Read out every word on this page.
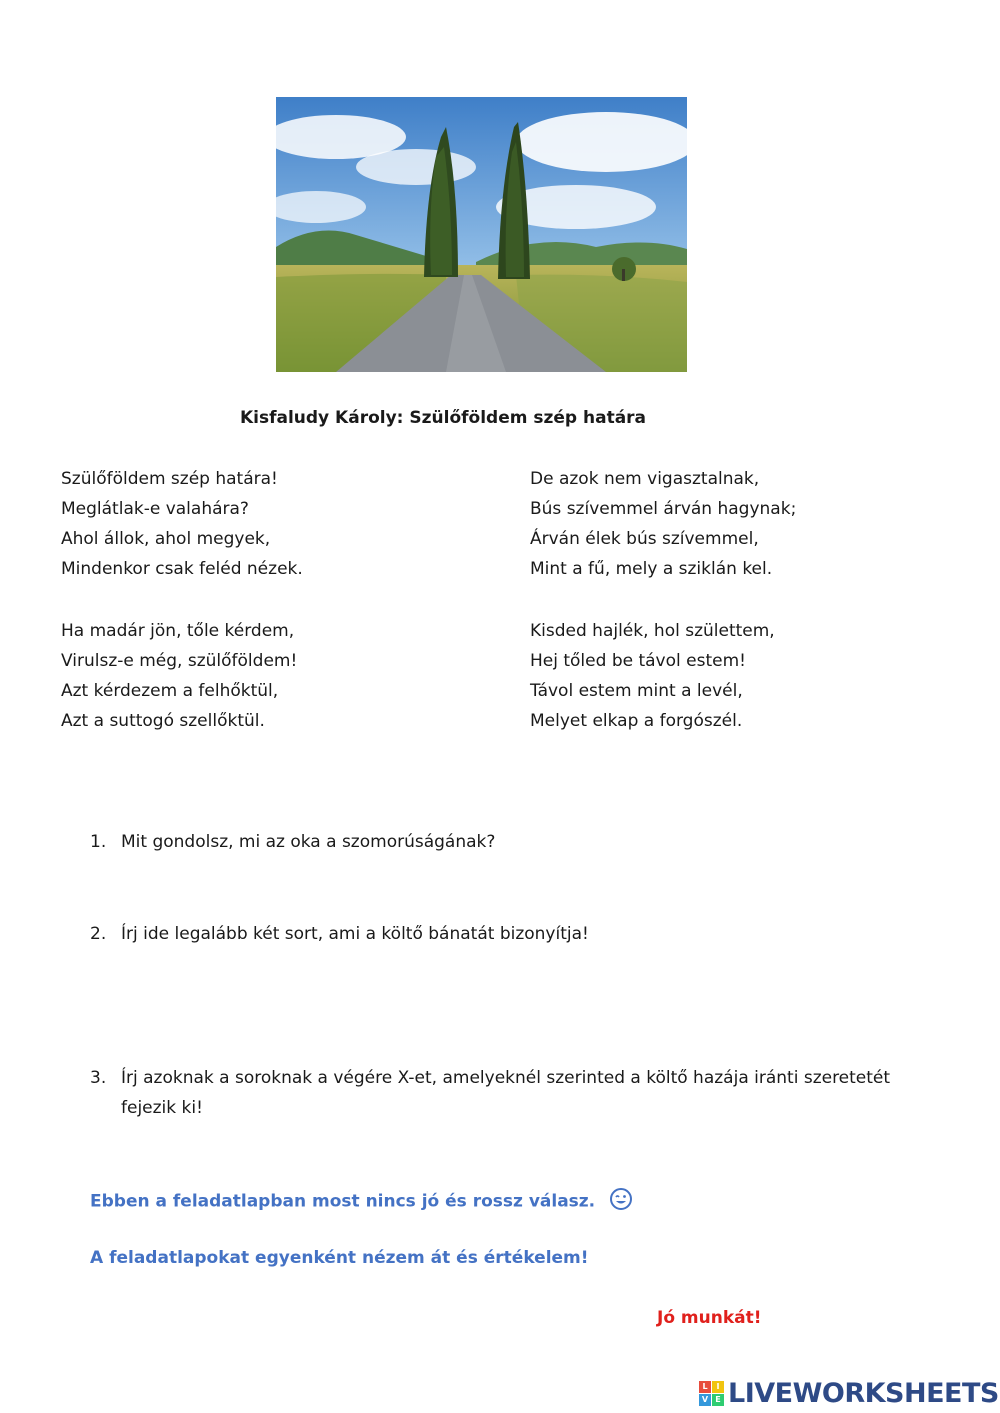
Kisfaludy Károly: Szülőföldem szép határa
Szülőföldem szép határa!
Meglátlak-e valahára?
Ahol állok, ahol megyek,
Mindenkor csak feléd nézek.
Ha madár jön, tőle kérdem,
Virulsz-e még, szülőföldem!
Azt kérdezem a felhőktül,
Azt a suttogó szellőktül.
De azok nem vigasztalnak,
Bús szívemmel árván hagynak;
Árván élek bús szívemmel,
Mint a fű, mely a sziklán kel.
Kisded hajlék, hol születtem,
Hej tőled be távol estem!
Távol estem mint a levél,
Melyet elkap a forgószél.
1. Mit gondolsz, mi az oka a szomorúságának?
2. Írj ide legalább két sort, ami a költő bánatát bizonyítja!
3. Írj azoknak a soroknak a végére X-et, amelyeknél szerinted a költő hazája iránti szeretetét fejezik ki!
Ebben a feladatlapban most nincs jó és rossz válasz.
A feladatlapokat egyenként nézem át és értékelem!
Jó munkát!
L	I
V E LIVEWORKSHEETS
